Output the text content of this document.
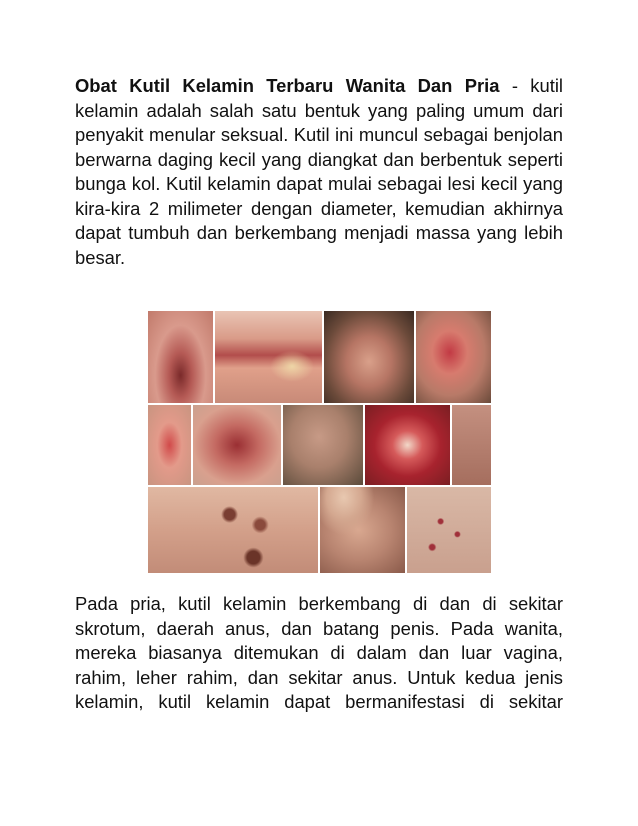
Obat Kutil Kelamin Terbaru Wanita Dan Pria - kutil kelamin adalah salah satu bentuk yang paling umum dari penyakit menular seksual. Kutil ini muncul sebagai benjolan berwarna daging kecil yang diangkat dan berbentuk seperti bunga kol. Kutil kelamin dapat mulai sebagai lesi kecil yang kira-kira 2 milimeter dengan diameter, kemudian akhirnya dapat tumbuh dan berkembang menjadi massa yang lebih besar.
Pada pria, kutil kelamin berkembang di dan di sekitar skrotum, daerah anus, dan batang penis. Pada wanita, mereka biasanya ditemukan di dalam dan luar vagina, rahim, leher rahim, dan sekitar anus. Untuk kedua jenis kelamin, kutil kelamin dapat bermanifestasi di sekitar
